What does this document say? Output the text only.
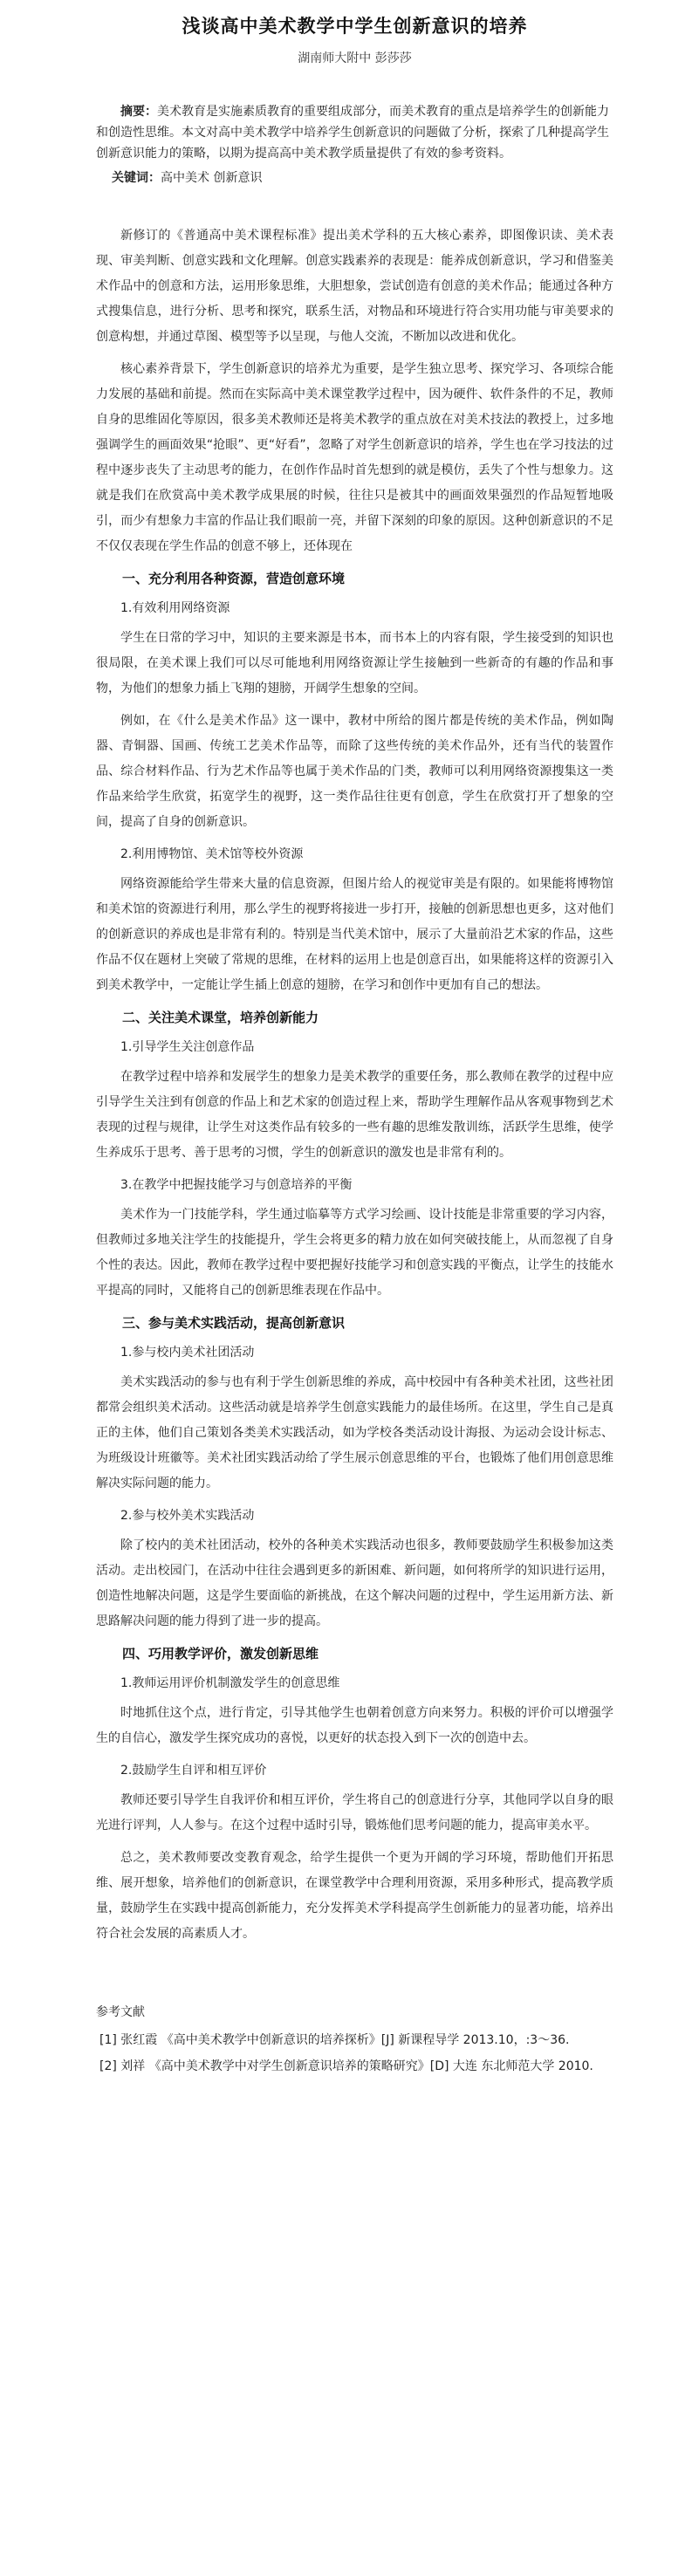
浅谈高中美术教学中学生创新意识的培养
湖南师大附中 彭莎莎

摘要：美术教育是实施素质教育的重要组成部分，而美术教育的重点是培养学生的创新能力和创造性思维。本文对高中美术教学中培养学生创新意识的问题做了分析，探索了几种提高学生创新意识能力的策略，以期为提高高中美术教学质量提供了有效的参考资料。

关键词：高中美术 创新意识

新修订的《普通高中美术课程标准》提出美术学科的五大核心素养，即图像识读、美术表现、审美判断、创意实践和文化理解。创意实践素养的表现是：能养成创新意识，学习和借鉴美术作品中的创意和方法，运用形象思维，大胆想象，尝试创造有创意的美术作品；能通过各种方式搜集信息，进行分析、思考和探究，联系生活，对物品和环境进行符合实用功能与审美要求的创意构想，并通过草图、模型等予以呈现，与他人交流，不断加以改进和优化。

核心素养背景下，学生创新意识的培养尤为重要，是学生独立思考、探究学习、各项综合能力发展的基础和前提。然而在实际高中美术课堂教学过程中，因为硬件、软件条件的不足，教师自身的思维固化等原因，很多美术教师还是将美术教学的重点放在对美术技法的教授上，过多地强调学生的画面效果“抢眼”、更“好看”，忽略了对学生创新意识的培养，学生也在学习技法的过程中逐步丧失了主动思考的能力，在创作作品时首先想到的就是模仿，丢失了个性与想象力。这就是我们在欣赏高中美术教学成果展的时候，往往只是被其中的画面效果强烈的作品短暂地吸引，而少有想象力丰富的作品让我们眼前一亮，并留下深刻的印象的原因。这种创新意识的不足不仅仅表现在学生作品的创意不够上，还体现在

一、充分利用各种资源，营造创意环境
1.有效利用网络资源

学生在日常的学习中，知识的主要来源是书本，而书本上的内容有限，学生接受到的知识也很局限，在美术课上我们可以尽可能地利用网络资源让学生接触到一些新奇的有趣的作品和事物，为他们的想象力插上飞翔的翅膀，开阔学生想象的空间。

例如，在《什么是美术作品》这一课中，教材中所给的图片都是传统的美术作品，例如陶器、青铜器、国画、传统工艺美术作品等，而除了这些传统的美术作品外，还有当代的装置作品、综合材料作品、行为艺术作品等也属于美术作品的门类，教师可以利用网络资源搜集这一类作品来给学生欣赏，拓宽学生的视野，这一类作品往往更有创意，学生在欣赏打开了想象的空间，提高了自身的创新意识。

2.利用博物馆、美术馆等校外资源

网络资源能给学生带来大量的信息资源，但图片给人的视觉审美是有限的。如果能将博物馆和美术馆的资源进行利用，那么学生的视野将接进一步打开，接触的创新思想也更多，这对他们的创新意识的养成也是非常有利的。特别是当代美术馆中，展示了大量前沿艺术家的作品，这些作品不仅在题材上突破了常规的思维，在材料的运用上也是创意百出，如果能将这样的资源引入到美术教学中，一定能让学生插上创意的翅膀，在学习和创作中更加有自己的想法。

二、关注美术课堂，培养创新能力
1.引导学生关注创意作品

在教学过程中培养和发展学生的想象力是美术教学的重要任务，那么教师在教学的过程中应引导学生关注到有创意的作品上和艺术家的创造过程上来，帮助学生理解作品从客观事物到艺术表现的过程与规律，让学生对这类作品有较多的一些有趣的思维发散训练，活跃学生思维，使学生养成乐于思考、善于思考的习惯，学生的创新意识的激发也是非常有利的。

3.在教学中把握技能学习与创意培养的平衡

美术作为一门技能学科，学生通过临摹等方式学习绘画、设计技能是非常重要的学习内容，但教师过多地关注学生的技能提升，学生会将更多的精力放在如何突破技能上，从而忽视了自身个性的表达。因此，教师在教学过程中要把握好技能学习和创意实践的平衡点，让学生的技能水平提高的同时，又能将自己的创新思维表现在作品中。

三、参与美术实践活动，提高创新意识
1.参与校内美术社团活动

美术实践活动的参与也有利于学生创新思维的养成，高中校园中有各种美术社团，这些社团都常会组织美术活动。这些活动就是培养学生创意实践能力的最佳场所。在这里，学生自己是真正的主体，他们自己策划各类美术实践活动，如为学校各类活动设计海报、为运动会设计标志、为班级设计班徽等。美术社团实践活动给了学生展示创意思维的平台，也锻炼了他们用创意思维解决实际问题的能力。

2.参与校外美术实践活动

除了校内的美术社团活动，校外的各种美术实践活动也很多，教师要鼓励学生积极参加这类活动。走出校园门，在活动中往往会遇到更多的新困难、新问题，如何将所学的知识进行运用，创造性地解决问题，这是学生要面临的新挑战，在这个解决问题的过程中，学生运用新方法、新思路解决问题的能力得到了进一步的提高。

四、巧用教学评价，激发创新思维
1.教师运用评价机制激发学生的创意思维

时地抓住这个点，进行肯定，引导其他学生也朝着创意方向来努力。积极的评价可以增强学生的自信心，激发学生探究成功的喜悦，以更好的状态投入到下一次的创造中去。

2.鼓励学生自评和相互评价

教师还要引导学生自我评价和相互评价，学生将自己的创意进行分享，其他同学以自身的眼光进行评判，人人参与。在这个过程中适时引导，锻炼他们思考问题的能力，提高审美水平。

总之，美术教师要改变教育观念，给学生提供一个更为开阔的学习环境，帮助他们开拓思维、展开想象，培养他们的创新意识，在课堂教学中合理利用资源，采用多种形式，提高教学质量，鼓励学生在实践中提高创新能力，充分发挥美术学科提高学生创新能力的显著功能，培养出符合社会发展的高素质人才。

参考文献
[1] 张红霞 《高中美术教学中创新意识的培养探析》[J] 新课程导学 2013.10，:3～36.
[2] 刘祥 《高中美术教学中对学生创新意识培养的策略研究》[D] 大连 东北师范大学 2010.
